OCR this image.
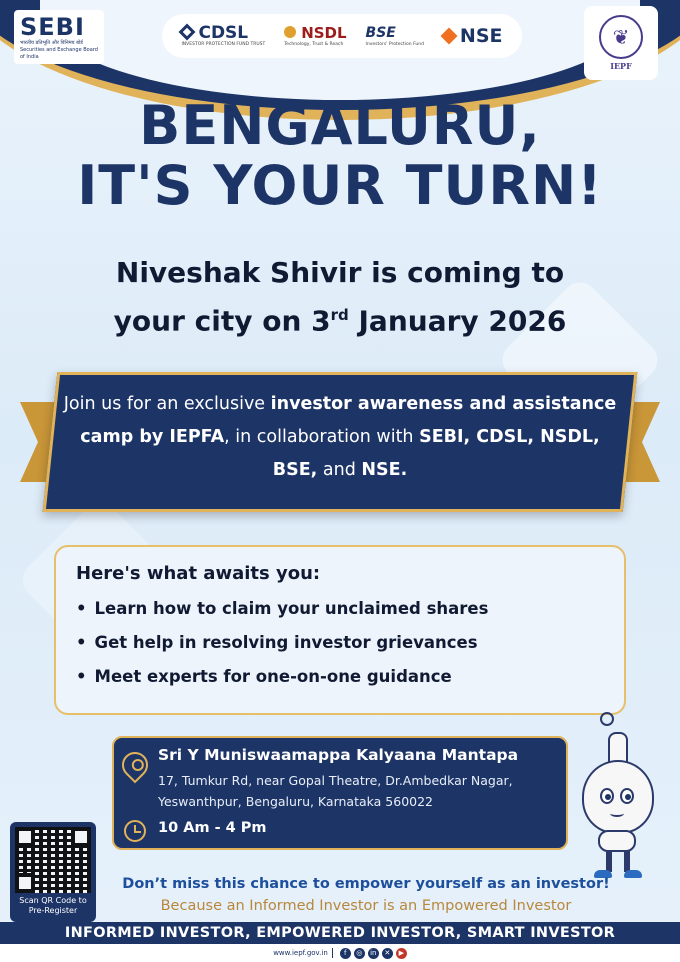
SEBI
भारतीय प्रतिभूति और विनिमय बोर्ड Securities and Exchange Board of India
CDSL
INVESTOR PROTECTION FUND TRUST
NSDL
Technology, Trust & Reach
BSE
Investors' Protection Fund	NSE	❦
IEPF
BENGALURU,
IT'S YOUR TURN!
Niveshak Shivir is coming to
your city on 3rd January 2026
Join us for an exclusive investor awareness and assistance camp by IEPFA, in collaboration with SEBI, CDSL, NSDL, BSE, and NSE.
Here's what awaits you:
• Learn how to claim your unclaimed shares
• Get help in resolving investor grievances
• Meet experts for one-on-one guidance
Sri Y Muniswaamappa Kalyaana Mantapa
17, Tumkur Rd, near Gopal Theatre, Dr.Ambedkar Nagar, Yeswanthpur, Bengaluru, Karnataka 560022
10 Am - 4 Pm
Scan QR Code to Pre-Register
Don’t miss this chance to empower yourself as an investor!
Because an Informed Investor is an Empowered Investor
INFORMED INVESTOR, EMPOWERED INVESTOR, SMART INVESTOR
www.iepf.gov.in	f	◎	in	✕	▶
